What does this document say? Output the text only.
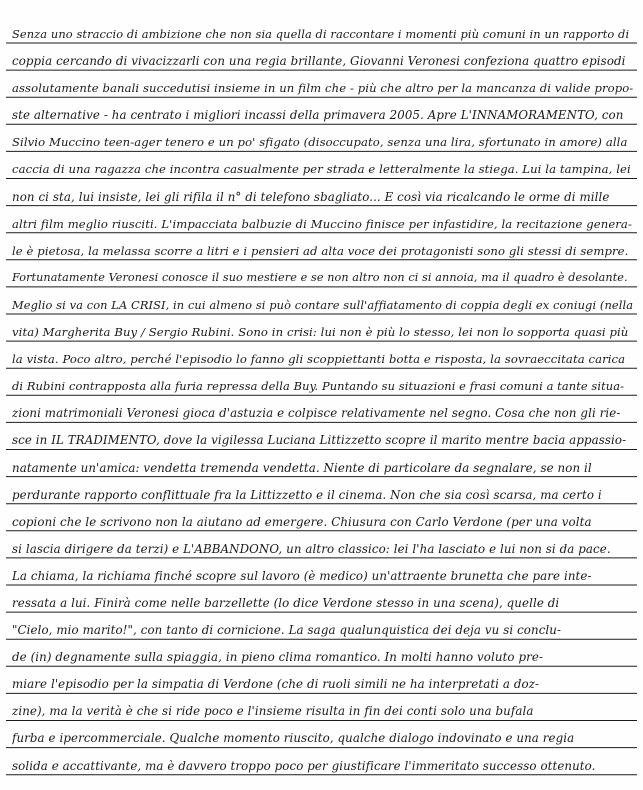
Senza uno straccio di ambizione che non sia quella di raccontare i momenti più comuni in un rapporto di
coppia cercando di vivacizzarli con una regia brillante, Giovanni Veronesi confeziona quattro episodi
assolutamente banali succedutisi insieme in un film che - più che altro per la mancanza di valide propo-
ste alternative - ha centrato i migliori incassi della primavera 2005. Apre L'INNAMORAMENTO, con
Silvio Muccino teen-ager tenero e un po' sfigato (disoccupato, senza una lira, sfortunato in amore) alla
caccia di una ragazza che incontra casualmente per strada e letteralmente la stiega. Lui la tampina, lei
non ci sta, lui insiste, lei gli rifila il n° di telefono sbagliato... E così via ricalcando le orme di mille
altri film meglio riusciti. L'impacciata balbuzie di Muccino finisce per infastidire, la recitazione genera-
le è pietosa, la melassa scorre a litri e i pensieri ad alta voce dei protagonisti sono gli stessi di sempre.
Fortunatamente Veronesi conosce il suo mestiere e se non altro non ci si annoia, ma il quadro è desolante.
Meglio si va con LA CRISI, in cui almeno si può contare sull'affiatamento di coppia degli ex coniugi (nella
vita) Margherita Buy / Sergio Rubini. Sono in crisi: lui non è più lo stesso, lei non lo sopporta quasi più
la vista. Poco altro, perché l'episodio lo fanno gli scoppiettanti botta e risposta, la sovraeccitata carica
di Rubini contrapposta alla furia repressa della Buy. Puntando su situazioni e frasi comuni a tante situa-
zioni matrimoniali Veronesi gioca d'astuzia e colpisce relativamente nel segno. Cosa che non gli rie-
sce in IL TRADIMENTO, dove la vigilessa Luciana Littizzetto scopre il marito mentre bacia appassio-
natamente un'amica: vendetta tremenda vendetta. Niente di particolare da segnalare, se non il
perdurante rapporto conflittuale fra la Littizzetto e il cinema. Non che sia così scarsa, ma certo i
copioni che le scrivono non la aiutano ad emergere. Chiusura con Carlo Verdone (per una volta
si lascia dirigere da terzi) e L'ABBANDONO, un altro classico: lei l'ha lasciato e lui non si da pace.
La chiama, la richiama finché scopre sul lavoro (è medico) un'attraente brunetta che pare inte-
ressata a lui. Finirà come nelle barzellette (lo dice Verdone stesso in una scena), quelle di
"Cielo, mio marito!", con tanto di cornicione. La saga qualunquistica dei deja vu si conclu-
de (in) degnamente sulla spiaggia, in pieno clima romantico. In molti hanno voluto pre-
miare l'episodio per la simpatia di Verdone (che di ruoli simili ne ha interpretati a doz-
zine), ma la verità è che si ride poco e l'insieme risulta in fin dei conti solo una bufala
furba e ipercommerciale. Qualche momento riuscito, qualche dialogo indovinato e una regia
solida e accattivante, ma è davvero troppo poco per giustificare l'immeritato successo ottenuto.
